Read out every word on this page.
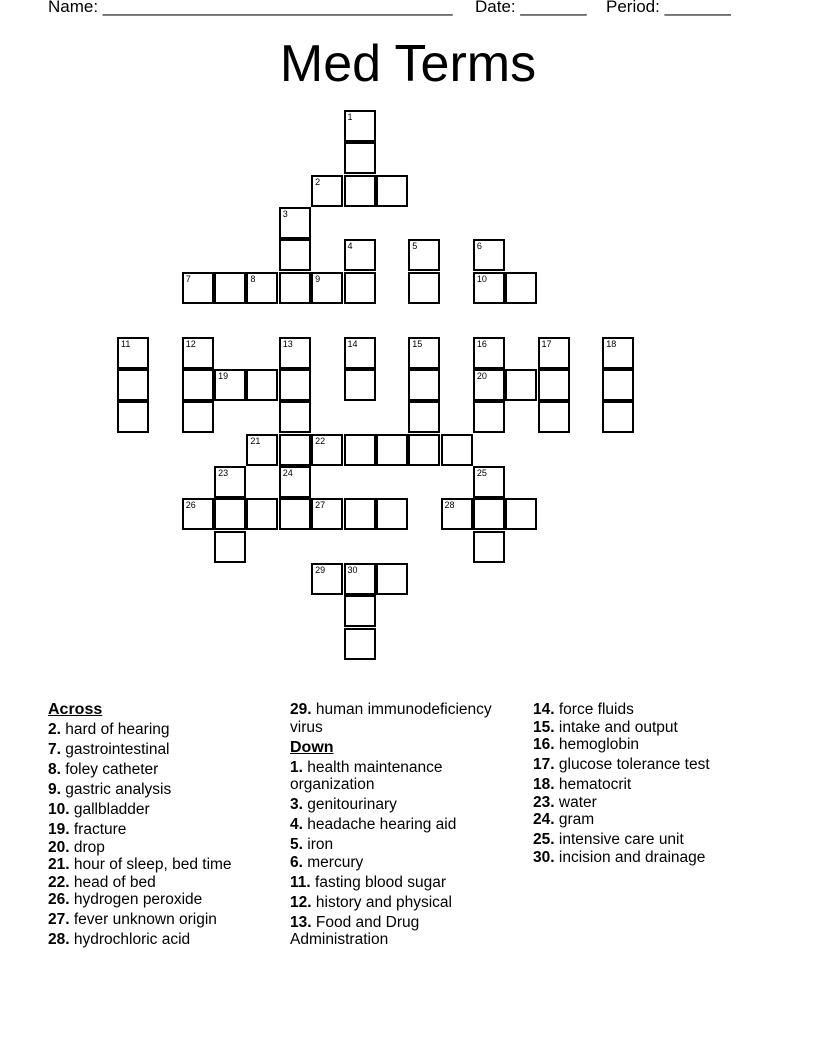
Name: _____________________________________ Date: _______ Period: _______
Med Terms
1
2
3
4	5	6
7	8	9	10
11	12	13	14	15	16	17	18
19	20
21	22
23	24	25
26	27	28
29 30
Across
2. hard of hearing
7. gastrointestinal
8. foley catheter
9. gastric analysis
10. gallbladder
19. fracture
20. drop
21. hour of sleep, bed time
22. head of bed
26. hydrogen peroxide
27. fever unknown origin
28. hydrochloric acid
29. human immunodeficiency virus
Down
1. health maintenance organization
3. genitourinary
4. headache hearing aid
5. iron
6. mercury
11. fasting blood sugar
12. history and physical
13. Food and Drug Administration
14. force fluids
15. intake and output
16. hemoglobin
17. glucose tolerance test
18. hematocrit
23. water
24. gram
25. intensive care unit
30. incision and drainage
